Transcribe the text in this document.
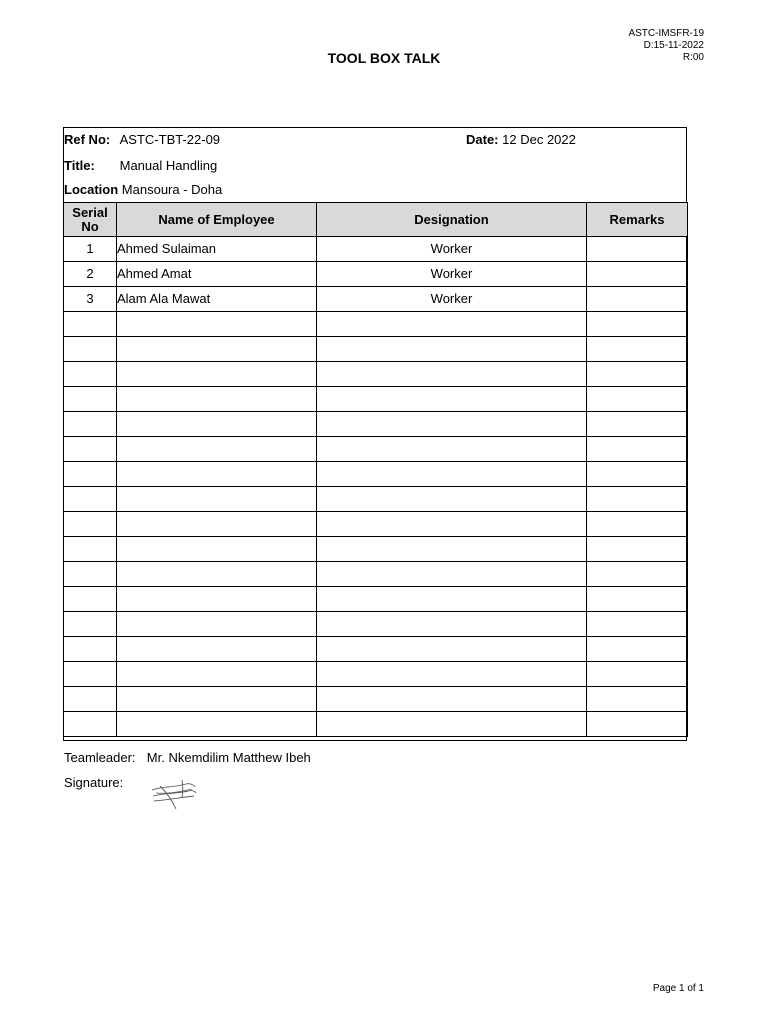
ASTC-IMSFR-19
D:15-11-2022
R:00
TOOL BOX TALK
Ref No: ASTC-TBT-22-09	Date: 12 Dec 2022
Title: Manual Handling
Location Mansoura - Doha
Serial
No	Name of Employee	Designation	Remarks
1	Ahmed Sulaiman	Worker	
2	Ahmed Amat	Worker	
3	Alam Ala Mawat	Worker	

Teamleader: Mr. Nkemdilim Matthew Ibeh
Signature:
Page 1 of 1
